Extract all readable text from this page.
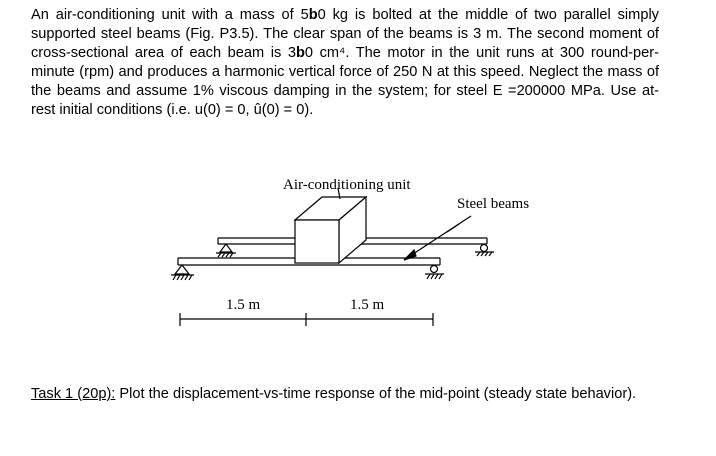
An air-conditioning unit with a mass of 5b0 kg is bolted at the middle of two parallel simply supported steel beams (Fig. P3.5). The clear span of the beams is 3 m. The second moment of cross-sectional area of each beam is 3b0 cm⁴. The motor in the unit runs at 300 round-per-minute (rpm) and produces a harmonic vertical force of 250 N at this speed. Neglect the mass of the beams and assume 1% viscous damping in the system; for steel E =200000 MPa. Use at-rest initial conditions (i.e. u(0) = 0, û(0) = 0).

Air-conditioning unit
Steel beams
1.5 m	1.5 m

Task 1 (20p): Plot the displacement-vs-time response of the mid-point (steady state behavior).
